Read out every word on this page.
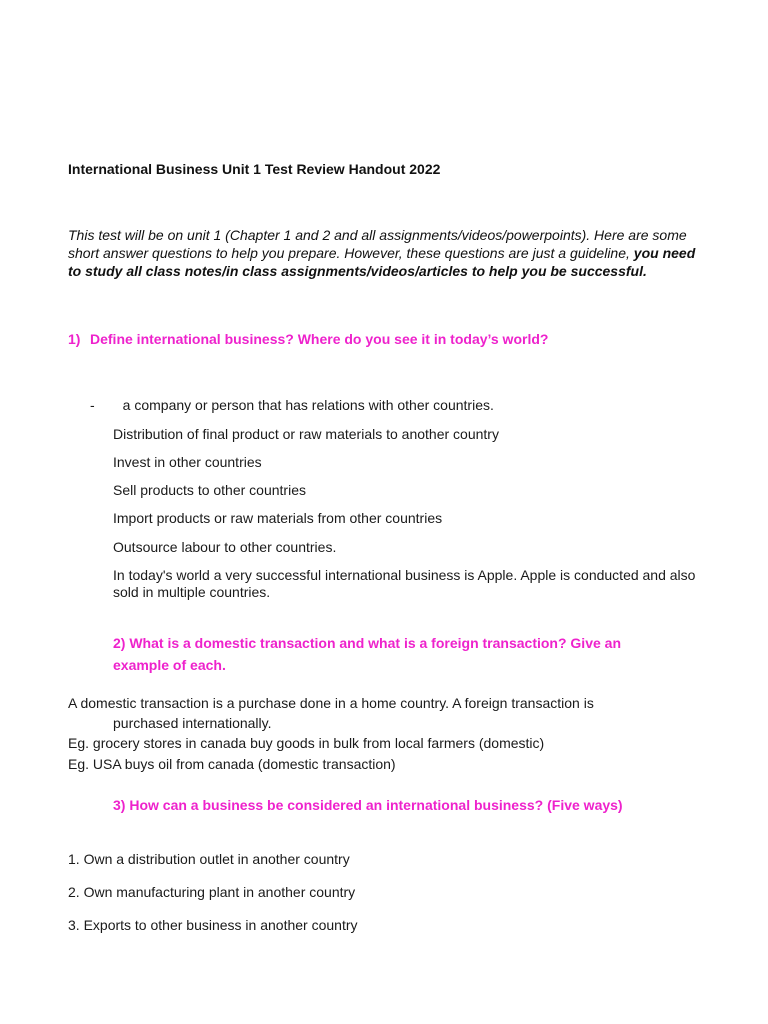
International Business Unit 1 Test Review Handout 2022
This test will be on unit 1 (Chapter 1 and 2 and all assignments/videos/powerpoints). Here are some short answer questions to help you prepare. However, these questions are just a guideline, you need to study all class notes/in class assignments/videos/articles to help you be successful.
1) Define international business? Where do you see it in today’s world?
- a company or person that has relations with other countries.
Distribution of final product or raw materials to another country
Invest in other countries
Sell products to other countries
Import products or raw materials from other countries
Outsource labour to other countries.
In today's world a very successful international business is Apple. Apple is conducted and also sold in multiple countries.
2) What is a domestic transaction and what is a foreign transaction? Give an example of each.
A domestic transaction is a purchase done in a home country. A foreign transaction is
purchased internationally.
Eg. grocery stores in canada buy goods in bulk from local farmers (domestic)
Eg. USA buys oil from canada (domestic transaction)
3) How can a business be considered an international business? (Five ways)
1. Own a distribution outlet in another country
2. Own manufacturing plant in another country
3. Exports to other business in another country
